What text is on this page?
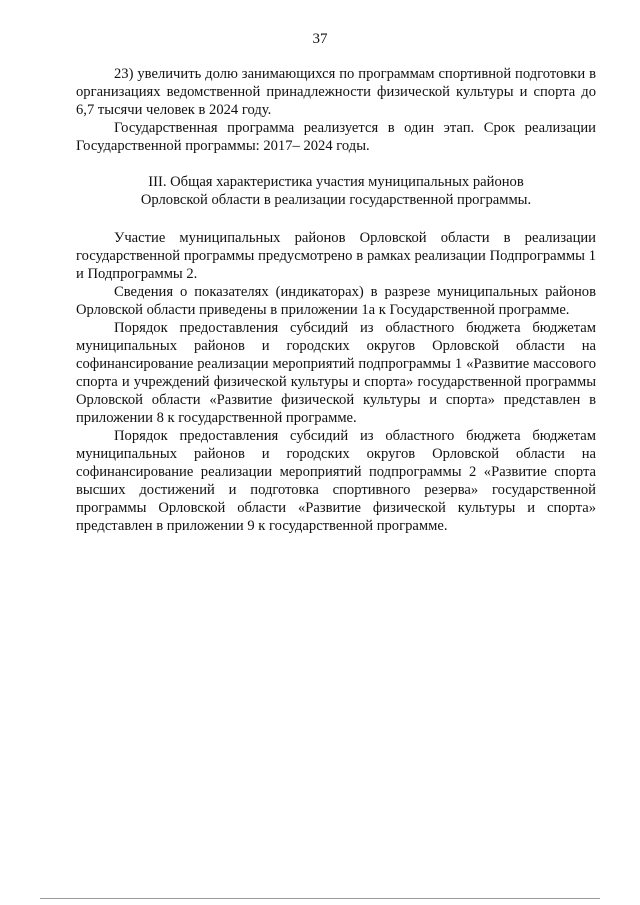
37

23) увеличить долю занимающихся по программам спортивной подготовки в организациях ведомственной принадлежности физической культуры и спорта до 6,7 тысячи человек в 2024 году.

Государственная программа реализуется в один этап. Срок реализации Государственной программы: 2017– 2024 годы.

III. Общая характеристика участия муниципальных районов
Орловской области в реализации государственной программы.

Участие муниципальных районов Орловской области в реализации государственной программы предусмотрено в рамках реализации Подпрограммы 1 и Подпрограммы 2.

Сведения о показателях (индикаторах) в разрезе муниципальных районов Орловской области приведены в приложении 1а к Государственной программе.

Порядок предоставления субсидий из областного бюджета бюджетам муниципальных районов и городских округов Орловской области на софинансирование реализации мероприятий подпрограммы 1 «Развитие массового спорта и учреждений физической культуры и спорта» государственной программы Орловской области «Развитие физической культуры и спорта» представлен в приложении 8 к государственной программе.

Порядок предоставления субсидий из областного бюджета бюджетам муниципальных районов и городских округов Орловской области на софинансирование реализации мероприятий подпрограммы 2 «Развитие спорта высших достижений и подготовка спортивного резерва» государственной программы Орловской области «Развитие физической культуры и спорта» представлен в приложении 9 к государственной программе.
